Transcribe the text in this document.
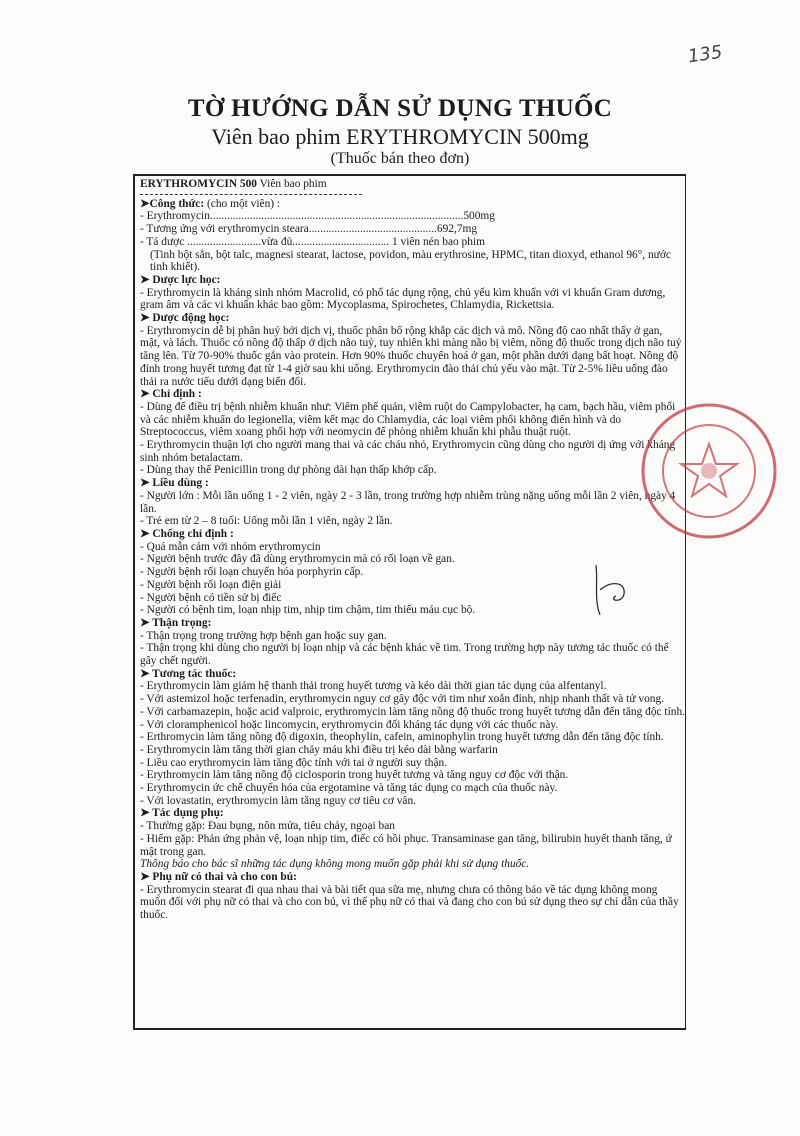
135
TỜ HƯỚNG DẪN SỬ DỤNG THUỐC
Viên bao phim ERYTHROMYCIN 500mg
(Thuốc bán theo đơn)

ERYTHROMYCIN 500 Viên bao phim

➤Công thức: (cho một viên) :

- Erythromycin.........................................................................................500mg

- Tương ứng với erythromycin steara.............................................692,7mg

- Tá dược ..........................vừa đủ.................................. 1 viên nén bao phim

(Tinh bột sắn, bột talc, magnesi stearat, lactose, povidon, màu erythrosine, HPMC, titan dioxyd, ethanol 96°, nước tinh khiết).

➤ Dược lực học:

- Erythromycin là kháng sinh nhóm Macrolid, có phổ tác dụng rộng, chủ yếu kìm khuẩn với vi khuẩn Gram dương, gram âm và các vi khuẩn khác bao gồm: Mycoplasma, Spirochetes, Chlamydia, Rickettsia.

➤ Dược động học:

- Erythromycin dễ bị phân huỷ bởi dịch vị, thuốc phân bố rộng khắp các dịch và mô. Nồng độ cao nhất thấy ở gan, mật, và lách. Thuốc có nồng độ thấp ở dịch não tuỷ, tuy nhiên khi màng não bị viêm, nồng độ thuốc trong dịch não tuỷ tăng lên. Từ 70-90% thuốc gắn vào protein. Hơn 90% thuốc chuyển hoá ở gan, một phần dưới dạng bất hoạt. Nồng độ đỉnh trong huyết tương đạt từ 1-4 giờ sau khi uống. Erythromycin đào thải chủ yếu vào mật. Từ 2-5% liều uống đào thải ra nước tiểu dưới dạng biến đổi.

➤ Chỉ định :

- Dùng để điều trị bệnh nhiễm khuẩn như: Viêm phế quản, viêm ruột do Campylobacter, hạ cam, bạch hầu, viêm phổi và các nhiễm khuẩn do legionella, viêm kết mạc do Chlamydia, các loại viêm phổi không điển hình và do Streptococcus, viêm xoang phối hợp với neomycin để phòng nhiễm khuẩn khi phẫu thuật ruột.

- Erythromycin thuận lợi cho người mang thai và các cháu nhỏ, Erythromycin cũng dùng cho người dị ứng với kháng sinh nhóm betalactam.

- Dùng thay thế Penicillin trong dự phòng dài hạn thấp khớp cấp.

➤ Liều dùng :

- Người lớn : Mỗi lần uống 1 - 2 viên, ngày 2 - 3 lần, trong trường hợp nhiễm trùng nặng uống mỗi lần 2 viên, ngày 4 lần.

- Trẻ em từ 2 – 8 tuổi: Uống mỗi lần 1 viên, ngày 2 lần.

➤ Chống chỉ định :

- Quá mẫn cảm với nhóm erythromycin

- Người bệnh trước đây đã dùng erythromycin mà có rối loạn về gan.

- Người bệnh rối loạn chuyển hóa porphyrin cấp.

- Người bệnh rối loạn điện giải

- Người bệnh có tiền sử bị điếc

- Người có bệnh tim, loạn nhịp tim, nhịp tim chậm, tim thiếu máu cục bộ.

➤ Thận trọng:

- Thận trọng trong trường hợp bệnh gan hoặc suy gan.

- Thận trọng khi dùng cho người bị loạn nhịp và các bệnh khác về tim. Trong trường hợp này tương tác thuốc có thể gây chết người.

➤ Tương tác thuốc:

- Erythromycin làm giảm hệ thanh thải trong huyết tương và kéo dài thời gian tác dụng của alfentanyl.

- Với astemizol hoặc terfenadin, erythromycin nguy cơ gây độc với tim như xoắn đỉnh, nhịp nhanh thất và tử vong.

- Với carbamazepin, hoặc acid valproic, erythromycin làm tăng nồng độ thuốc trong huyết tương dẫn đến tăng độc tính.

- Với cloramphenicol hoặc lincomycin, erythromycin đối kháng tác dụng với các thuốc này.

- Erthromycin làm tăng nồng độ digoxin, theophylin, cafein, aminophylin trong huyết tương dẫn đến tăng độc tính.

- Erythromycin làm tăng thời gian chảy máu khi điều trị kéo dài bằng warfarin

- Liều cao erythromycin làm tăng độc tính với tai ở người suy thận.

- Erythromycin làm tăng nồng độ ciclosporin trong huyết tương và tăng nguy cơ độc với thận.

- Erythromycin ức chế chuyển hóa của ergotamine và tăng tác dụng co mạch của thuốc này.

- Với lovastatin, erythromycin làm tăng nguy cơ tiêu cơ vân.

➤ Tác dụng phụ:

- Thường gặp: Đau bụng, nôn mửa, tiêu chảy, ngoại ban

- Hiếm gặp: Phản ứng phản vệ, loạn nhịp tim, điếc có hồi phục. Transaminase gan tăng, bilirubin huyết thanh tăng, ứ mật trong gan.

Thông báo cho bác sĩ những tác dụng không mong muốn gặp phải khi sử dụng thuốc.

➤ Phụ nữ có thai và cho con bú:

- Erythromycin stearat đi qua nhau thai và bài tiết qua sữa mẹ, nhưng chưa có thông báo về tác dụng không mong muốn đối với phụ nữ có thai và cho con bú, vì thế phụ nữ có thai và đang cho con bú sử dụng theo sự chỉ dẫn của thầy thuốc.
